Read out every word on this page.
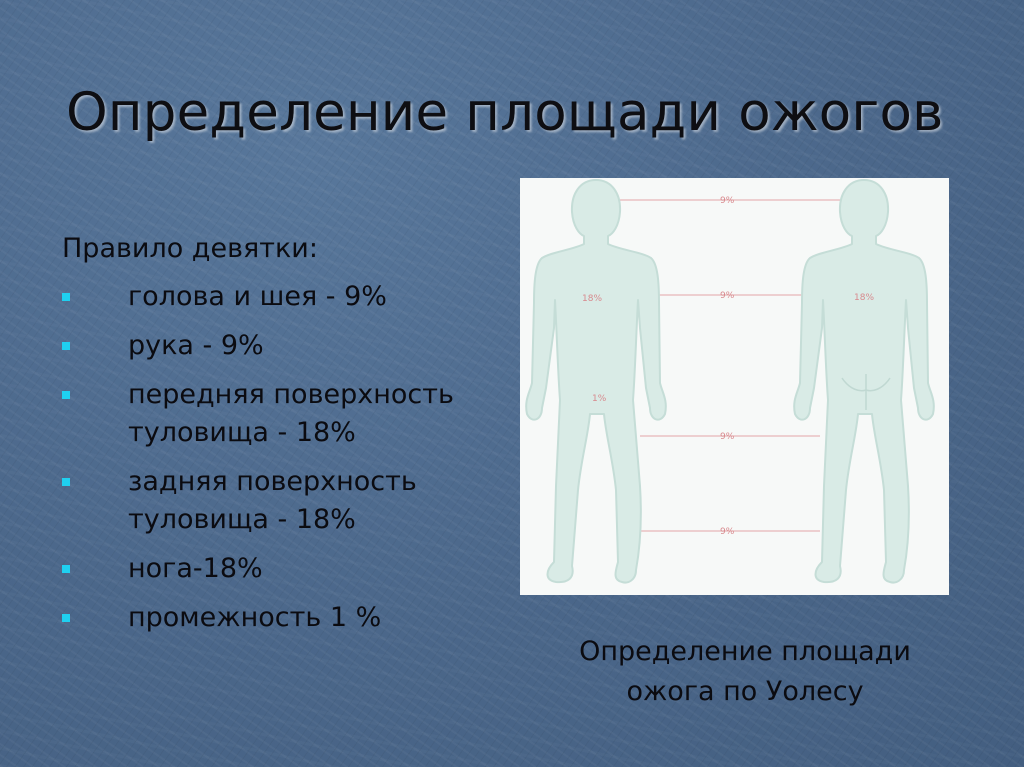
Определение площади ожогов

Правило девятки:

голова и шея - 9%
рука - 9%
передняя поверхность туловища - 18%
задняя поверхность туловища - 18%
нога-18%
промежность 1 %
9%
9%
18%	18%
1%
9%
9%
Определение площади
ожога по Уолесу
